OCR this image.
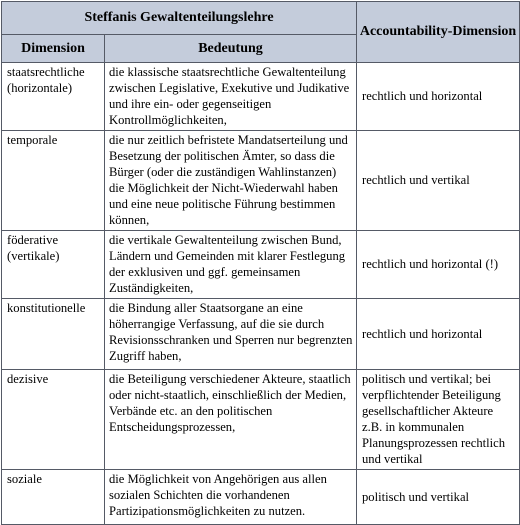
Steffanis Gewaltenteilungslehre		Accountability-Dimension
Dimension	Bedeutung	
staatsrechtliche (horizontale)	die klassische staatsrechtliche Gewaltenteilung zwischen Legislative, Exekutive und Judikative und ihre ein- oder gegenseitigen Kontrollmöglichkeiten,	rechtlich und horizontal
temporale	die nur zeitlich befristete Mandatserteilung und Besetzung der politischen Ämter, so dass die Bürger (oder die zuständigen Wahlinstanzen) die Möglichkeit der Nicht-Wiederwahl haben und eine neue politische Führung bestimmen können,	rechtlich und vertikal
föderative (vertikale)	die vertikale Gewaltenteilung zwischen Bund, Ländern und Gemeinden mit klarer Festlegung der exklusiven und ggf. gemeinsamen Zuständigkeiten,	rechtlich und horizontal (!)
konstitutionelle	die Bindung aller Staatsorgane an eine höherrangige Verfassung, auf die sie durch Revisionsschranken und Sperren nur begrenzten Zugriff haben,	rechtlich und horizontal
dezisive	die Beteiligung verschiedener Akteure, staatlich oder nicht-staatlich, einschließlich der Medien, Verbände etc. an den politischen Entscheidungsprozessen,	politisch und vertikal; bei verpflichtender Beteiligung gesellschaftlicher Akteure z.B. in kommunalen Planungsprozessen rechtlich und vertikal
soziale	die Möglichkeit von Angehörigen aus allen sozialen Schichten die vorhandenen Partizipationsmöglichkeiten zu nutzen.	politisch und vertikal
